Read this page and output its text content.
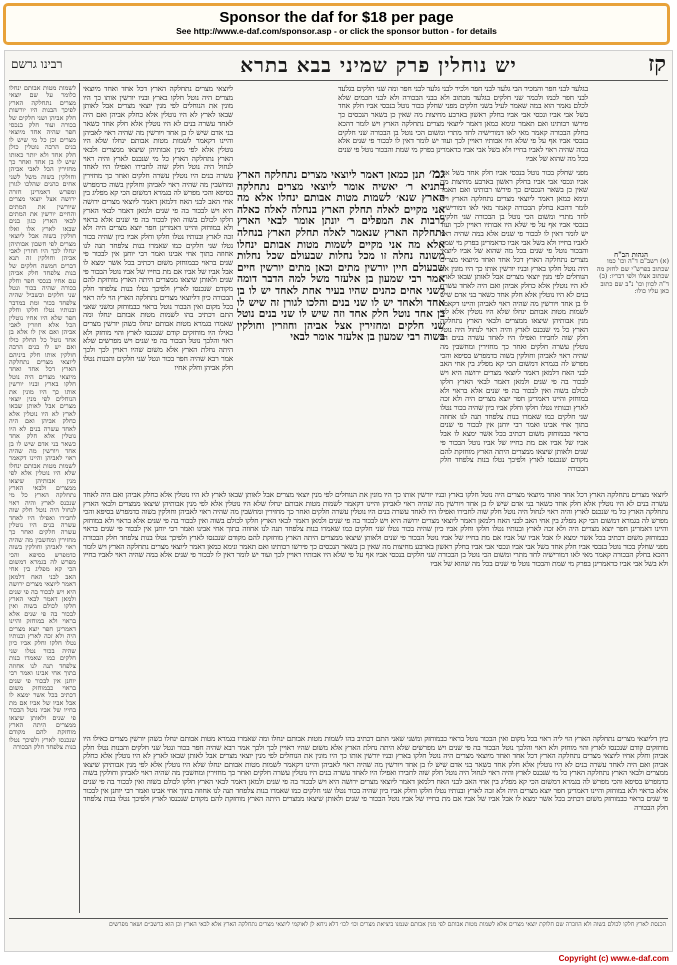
Sponsor the daf for $18 per page
See http://www.e-daf.com/sponsor.asp - or click the sponsor button - for details
קז
יש נוחלין פרק שמיני בבא בתרא
רבינו גרשם
הגהות הב"ח
(א) רשב"ם ד"ה וכו' כמו שכתוב בפרש"י שם לחזק מה שכתוב אצלו ולפי דבריו: (ב) ד"ה לכוון וכו' נ"ב שם כתוב כאן עליו כולו:
בגלעד לבני חפר והמכיר הבי גלעד לבני חפר ולכיר לבני גלעד לבני חפר ומה שני תלקים בגלעד לבני חפר לכמו ולכמר שני חלקים בגלעד מכתוב ולא בבני הבכורה ולא לבני חכמים שלא לכלם נאמר הוא במה שאמר לעיל בשני חלקים מפני שחלק בכור נוטל בנכסי אביו חלק אחד בשל אבי אביו ונכסי אבי אביו בחלק ראשון בארבע מחיצות מה שאין כן בשאר הנכסים כך פירשו רבותינו ואם תאמר ונימא כמאן דאמר ליוצאי מצרים נתחלקה הארץ ויש לומר דהכא בחלק הבכורה קאמר מאי לאו דמורישיה לחד מתרי ומשום הכי נוטל בן הבכורה שני חלקים בנכסי אביו אף על פי שלא היו אבותיו ראויין לכך ועוד יש לומר דאין לו לבכור פי שנים אלא במה שהיה ראוי לאביו בחייו ולא בשל אבי אביו כדאמרינן בפרק מי שמת והבכור נוטל פי שנים בכל מה שהוא של אביו
גמ׳ תנן כמאן דאמר ליוצאי מצרים נתחלקה הארץ דתניא ר׳ יאשיה אומר ליוצאי מצרים נתחלקה הארץ שנא׳ לשמות מטות אבותם ינחלו אלא מה אני מקיים לאלה תחלק הארץ בנחלה לאלה כאלה לרבות את המפלים ר׳ יונתן אומר לבאי הארץ נתחלקה הארץ שנאמר לאלה תחלק הארץ בנחלה אלא מה אני מקיים לשמות מטות אבותם ינחלו משונה נחלה זו מכל נחלות שבעולם שכל נחלות שבעולם חיין יורשין מתים וכאן מתים יורשין חיים אמר רבי שמעון בן אלעזר משל למה הדבר דומה לשני אחים כהנים שהיו בעיר אחת לאחד יש לו בן אחד ולאחד יש לו שני בנים והלכו לגורן זה שיש לו בן אחד נוטל חלק אחד וזה שיש לו שני בנים נוטל שני חלקים ומחזירין אצל אביהן וחוזרין וחולקין בשוה רבי שמעון בן אלעזר אומר לבאי
מפני שחלק בכור נוטל בנכסי אביו חלק אחד בשל אבי אביו ונכסי אבי אביו בחלק ראשון בארבע מחיצות מה שאין כן בשאר הנכסים כך פירשו רבותינו ואם תאמר ונימא כמאן דאמר ליוצאי מצרים נתחלקה הארץ ויש לומר דהכא בחלק הבכורה קאמר מאי לאו דמורישיה לחד מתרי ומשום הכי נוטל בן הבכורה שני חלקים בנכסי אביו אף על פי שלא היו אבותיו ראויין לכך ועוד יש לומר דאין לו לבכור פי שנים אלא במה שהיה ראוי לאביו בחייו ולא בשל אבי אביו כדאמרינן בפרק מי שמת והבכור נוטל פי שנים בכל מה שהוא של אביו ליוצאי מצרים נתחלקה הארץ דכל אחד ואחד מיוצאי מצרים היה נוטל חלקו בארץ ובניו יורשין אותו כך היו מונין את הנוחלים לפי מנין יוצאי מצרים אבל לאותן שבאו לארץ לא היו נוטלין אלא כחלק אביהן ואם היה לאחד עשרה בנים לא היו נוטלין אלא חלק אחד כשאר בני אדם שיש לו בן אחד ויורשין מה שהיה ראוי לאביהן והיינו דקאמר לשמות מטות אבותם ינחלו שלא היו נוטלין אלא לפי מנין אבותיהן שיצאו ממצרים ולבאי הארץ נתחלקה הארץ כל מי שנכנס לארץ והיה ראוי לנחול היה נוטל חלק שוה לחבירו ואפילו היו לאחד עשרה בנים היו נוטלין עשרה חלקים ואחר כך מחזירין ומחשבין מה שהיה ראוי לאביהן וחולקין בשוה כדמפרש בסיפא והכי מפרש לה בגמרא דמשום הכי קא מפליג בין אחי האב לבני האח דלמאן דאמר ליוצאי מצרים ירושה היא ויש לבכור בה פי שנים ולמאן דאמר לבאי הארץ חלקו לכולם בשוה ואין לבכור בה פי שנים אלא בראוי ולא במוחזק והיינו דאמרינן חפר יוצא מצרים היה ולא זכה לארץ ובנותיו נטלו חלקו וחלק אביו כיון שהיה בכור נטלו שני חלקים כמו שאמרו בנות צלפחד תנה לנו אחוזה בתוך אחי אבינו ואמר רבי יוחנן אין לבכור פי שנים בראוי כבמוחזק משום דכתיב בכל אשר ימצא לו אבל אביו של אביו אם מת בחייו של אביו נוטל הבכור פי שנים ולאותן שיצאו ממצרים היתה הארץ מוחזקת להם מקודם שנכנסו לארץ ולפיכך נטלו בנות צלפחד חלק הבכורה
ליוצאי מצרים נתחלקה הארץ דכל אחד ואחד מיוצאי מצרים היה נוטל חלקו בארץ ובניו יורשין אותו כך היו מונין את הנוחלים לפי מנין יוצאי מצרים אבל לאותן שבאו לארץ לא היו נוטלין אלא כחלק אביהן ואם היה לאחד עשרה בנים לא היו נוטלין אלא חלק אחד כשאר בני אדם שיש לו בן אחד ויורשין מה שהיה ראוי לאביהן והיינו דקאמר לשמות מטות אבותם ינחלו שלא היו נוטלין אלא לפי מנין אבותיהן שיצאו ממצרים ולבאי הארץ נתחלקה הארץ כל מי שנכנס לארץ והיה ראוי לנחול היה נוטל חלק שוה לחבירו ואפילו היו לאחד עשרה בנים היו נוטלין עשרה חלקים ואחר כך מחזירין ומחשבין מה שהיה ראוי לאביהן וחולקין בשוה כדמפרש בסיפא והכי מפרש לה בגמרא דמשום הכי קא מפליג בין אחי האב לבני האח דלמאן דאמר ליוצאי מצרים ירושה היא ויש לבכור בה פי שנים ולמאן דאמר לבאי הארץ חלקו לכולם בשוה ואין לבכור בה פי שנים אלא בראוי ולא במוחזק והיינו דאמרינן חפר יוצא מצרים היה ולא זכה לארץ ובנותיו נטלו חלקו וחלק אביו כיון שהיה בכור נטלו שני חלקים כמו שאמרו בנות צלפחד תנה לנו אחוזה בתוך אחי אבינו ואמר רבי יוחנן אין לבכור פי שנים בראוי כבמוחזק משום דכתיב בכל אשר ימצא לו אבל אביו של אביו אם מת בחייו של אביו נוטל הבכור פי שנים ולאותן שיצאו ממצרים היתה הארץ מוחזקת להם מקודם שנכנסו לארץ ולפיכך נטלו בנות צלפחד חלק הבכורה כיון דליוצאי מצרים נתחלקה הארץ הוי ליה ראוי בכל מקום ואין הבכור נוטל בראוי כבמוחזק ומשני שאני התם דכתיב בהו לשמות מטות אבותם ינחלו ומה שאמרו בגמרא מטות אבותם ינחלו כשהן יורשין מצרים כאילו היו מוחזקים קודם שנכנסו לארץ והוי מוחזק ולא ראוי והלכך נוטל הבכור בה פי שנים ויש מפרשים שלא היתה נחלת הארץ אלא משום שהיו ראויין לכך ולכך אמר רבא שהיה חפר בכור ונטל שני חלקים והבנות נטלו חלק אביהן וחלק אחיו
ליוצאי מצרים נתחלקה הארץ דכל אחד ואחד מיוצאי מצרים היה נוטל חלקו בארץ ובניו יורשין אותו כך היו מונין את הנוחלים לפי מנין יוצאי מצרים אבל לאותן שבאו לארץ לא היו נוטלין אלא כחלק אביהן ואם היה לאחד עשרה בנים לא היו נוטלין אלא חלק אחד כשאר בני אדם שיש לו בן אחד ויורשין מה שהיה ראוי לאביהן והיינו דקאמר לשמות מטות אבותם ינחלו שלא היו נוטלין אלא לפי מנין אבותיהן שיצאו ממצרים ולבאי הארץ נתחלקה הארץ כל מי שנכנס לארץ והיה ראוי לנחול היה נוטל חלק שוה לחבירו ואפילו היו לאחד עשרה בנים היו נוטלין עשרה חלקים ואחר כך מחזירין ומחשבין מה שהיה ראוי לאביהן וחולקין בשוה כדמפרש בסיפא והכי מפרש לה בגמרא דמשום הכי קא מפליג בין אחי האב לבני האח דלמאן דאמר ליוצאי מצרים ירושה היא ויש לבכור בה פי שנים ולמאן דאמר לבאי הארץ חלקו לכולם בשוה ואין לבכור בה פי שנים אלא בראוי ולא במוחזק והיינו דאמרינן חפר יוצא מצרים היה ולא זכה לארץ ובנותיו נטלו חלקו וחלק אביו כיון שהיה בכור נטלו שני חלקים כמו שאמרו בנות צלפחד תנה לנו אחוזה בתוך אחי אבינו ואמר רבי יוחנן אין לבכור פי שנים בראוי כבמוחזק משום דכתיב בכל אשר ימצא לו אבל אביו של אביו אם מת בחייו של אביו נוטל הבכור פי שנים ולאותן שיצאו ממצרים היתה הארץ מוחזקת להם מקודם שנכנסו לארץ ולפיכך נטלו בנות צלפחד חלק הבכורה מפני שחלק בכור נוטל בנכסי אביו חלק אחד בשל אבי אביו ונכסי אבי אביו בחלק ראשון בארבע מחיצות מה שאין כן בשאר הנכסים כך פירשו רבותינו ואם תאמר ונימא כמאן דאמר ליוצאי מצרים נתחלקה הארץ ויש לומר דהכא בחלק הבכורה קאמר מאי לאו דמורישיה לחד מתרי ומשום הכי נוטל בן הבכורה שני חלקים בנכסי אביו אף על פי שלא היו אבותיו ראויין לכך ועוד יש לומר דאין לו לבכור פי שנים אלא במה שהיה ראוי לאביו בחייו ולא בשל אבי אביו כדאמרינן בפרק מי שמת והבכור נוטל פי שנים בכל מה שהוא של אביו
כיון דליוצאי מצרים נתחלקה הארץ הוי ליה ראוי בכל מקום ואין הבכור נוטל בראוי כבמוחזק ומשני שאני התם דכתיב בהו לשמות מטות אבותם ינחלו ומה שאמרו בגמרא מטות אבותם ינחלו כשהן יורשין מצרים כאילו היו מוחזקים קודם שנכנסו לארץ והוי מוחזק ולא ראוי והלכך נוטל הבכור בה פי שנים ויש מפרשים שלא היתה נחלת הארץ אלא משום שהיו ראויין לכך ולכך אמר רבא שהיה חפר בכור ונטל שני חלקים והבנות נטלו חלק אביהן וחלק אחיו ליוצאי מצרים נתחלקה הארץ דכל אחד ואחד מיוצאי מצרים היה נוטל חלקו בארץ ובניו יורשין אותו כך היו מונין את הנוחלים לפי מנין יוצאי מצרים אבל לאותן שבאו לארץ לא היו נוטלין אלא כחלק אביהן ואם היה לאחד עשרה בנים לא היו נוטלין אלא חלק אחד כשאר בני אדם שיש לו בן אחד ויורשין מה שהיה ראוי לאביהן והיינו דקאמר לשמות מטות אבותם ינחלו שלא היו נוטלין אלא לפי מנין אבותיהן שיצאו ממצרים ולבאי הארץ נתחלקה הארץ כל מי שנכנס לארץ והיה ראוי לנחול היה נוטל חלק שוה לחבירו ואפילו היו לאחד עשרה בנים היו נוטלין עשרה חלקים ואחר כך מחזירין ומחשבין מה שהיה ראוי לאביהן וחולקין בשוה כדמפרש בסיפא והכי מפרש לה בגמרא דמשום הכי קא מפליג בין אחי האב לבני האח דלמאן דאמר ליוצאי מצרים ירושה היא ויש לבכור בה פי שנים ולמאן דאמר לבאי הארץ חלקו לכולם בשוה ואין לבכור בה פי שנים אלא בראוי ולא במוחזק והיינו דאמרינן חפר יוצא מצרים היה ולא זכה לארץ ובנותיו נטלו חלקו וחלק אביו כיון שהיה בכור נטלו שני חלקים כמו שאמרו בנות צלפחד תנה לנו אחוזה בתוך אחי אבינו ואמר רבי יוחנן אין לבכור פי שנים בראוי כבמוחזק משום דכתיב בכל אשר ימצא לו אבל אביו של אביו אם מת בחייו של אביו נוטל הבכור פי שנים ולאותן שיצאו ממצרים היתה הארץ מוחזקת להם מקודם שנכנסו לארץ ולפיכך נטלו בנות צלפחד חלק הבכורה
לשמות מטות אבותם ינחלו כלומר על שם יוצאי מצרים נתחלקה הארץ לפיכך הבנות היו יורשות חלק אביהן ושני חלקים של בכורה ועוד חלק בנכסי חפר שהיה אחד מיוצאי מצרים וכן כל מי שיש לו בנים הרבה נוטלין כולן חלק אחד ולא יותר כאותו שיש לו בן אחד ואחר כך מחזירין הכל לאבי אביהן וחולקין בשוה משל לשני אחים כהנים שהלכו לגורן ומפרש דאמרינן חזרה ירושה אצל יוצאי מצרים שיורשין את המתים והחיים יורשין את המתים לבאי הארץ כגון בנים שבאו לארץ אלו ואלו חולקין בשוה אבל ליוצאי מצרים לפי חשבון אבותיהן ינחלו לכך היו חוזרין לאבי אביהן וחולקין זה תנא דברים חמשה חלקים של בנות צלפחד חלק אביהן עם אחיו בנכסי חפר וחלק בכורה שהיה בכור ונטל שני חלקים ובשביל שהיה צלפחד בכור ומת במדבר ובנותיו נטלו חלקו וחלק חפר שלא היו אחיו נוטלין הכל אלא חוזרין לאבי אביהן ואם אין לו אלא בן אחד נוטל כל החלק כולו ואם יש לו בנים הרבה חולקין אותו חלק ביניהם ליוצאי מצרים נתחלקה הארץ דכל אחד ואחד מיוצאי מצרים היה נוטל חלקו בארץ ובניו יורשין אותו כך היו מונין את הנוחלים לפי מנין יוצאי מצרים אבל לאותן שבאו לארץ לא היו נוטלין אלא כחלק אביהן ואם היה לאחד עשרה בנים לא היו נוטלין אלא חלק אחד כשאר בני אדם שיש לו בן אחד ויורשין מה שהיה ראוי לאביהן והיינו דקאמר לשמות מטות אבותם ינחלו שלא היו נוטלין אלא לפי מנין אבותיהן שיצאו ממצרים ולבאי הארץ נתחלקה הארץ כל מי שנכנס לארץ והיה ראוי לנחול היה נוטל חלק שוה לחבירו ואפילו היו לאחד עשרה בנים היו נוטלין עשרה חלקים ואחר כך מחזירין ומחשבין מה שהיה ראוי לאביהן וחולקין בשוה כדמפרש בסיפא והכי מפרש לה בגמרא דמשום הכי קא מפליג בין אחי האב לבני האח דלמאן דאמר ליוצאי מצרים ירושה היא ויש לבכור בה פי שנים ולמאן דאמר לבאי הארץ חלקו לכולם בשוה ואין לבכור בה פי שנים אלא בראוי ולא במוחזק והיינו דאמרינן חפר יוצא מצרים היה ולא זכה לארץ ובנותיו נטלו חלקו וחלק אביו כיון שהיה בכור נטלו שני חלקים כמו שאמרו בנות צלפחד תנה לנו אחוזה בתוך אחי אבינו ואמר רבי יוחנן אין לבכור פי שנים בראוי כבמוחזק משום דכתיב בכל אשר ימצא לו אבל אביו של אביו אם מת בחייו של אביו נוטל הבכור פי שנים ולאותן שיצאו ממצרים היתה הארץ מוחזקת להם מקודם שנכנסו לארץ ולפיכך נטלו בנות צלפחד חלק הבכורה
הכנסת לארץ חלקו לכולם בשוה ולא הוזכרה שם חלוקת יוצאי מצרים אלא לשמות מטות אבותם לפי מנין אבותם שנמנו ביציאת מצרים וכו׳ לכו׳ דלא ניחא לן לאוקמי ליוצאי מצרים נתחלקה הארץ אלא לבאי הארץ וכן הוא ברשב״ם ושאר מפרשים
Copyright (c) www.e-daf.com
